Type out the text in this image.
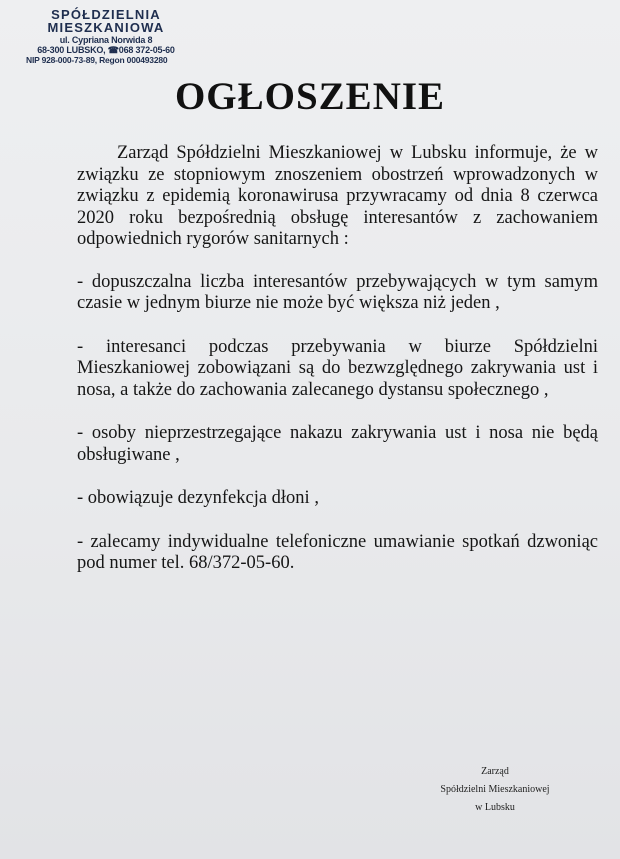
SPÓŁDZIELNIA
MIESZKANIOWA
ul. Cypriana Norwida 8
68-300 LUBSKO, ☎068 372-05-60
NIP 928-000-73-89, Regon 000493280
OGŁOSZENIE

Zarząd Spółdzielni Mieszkaniowej w Lubsku informuje, że w związku ze stopniowym znoszeniem obostrzeń wprowadzonych w związku z epidemią koronawirusa przywracamy od dnia 8 czerwca 2020 roku bezpośrednią obsługę interesantów z zachowaniem odpowiednich rygorów sanitarnych :

- dopuszczalna liczba interesantów przebywających w tym samym czasie w jednym biurze nie może być większa niż jeden ,

- interesanci podczas przebywania w biurze Spółdzielni Mieszkaniowej zobowiązani są do bezwzględnego zakrywania ust i nosa, a także do zachowania zalecanego dystansu społecznego ,

- osoby nieprzestrzegające nakazu zakrywania ust i nosa nie będą obsługiwane ,

- obowiązuje dezynfekcja dłoni ,

- zalecamy indywidualne telefoniczne umawianie spotkań dzwoniąc pod numer tel. 68/372-05-60.

Zarząd
Spółdzielni Mieszkaniowej
w Lubsku
